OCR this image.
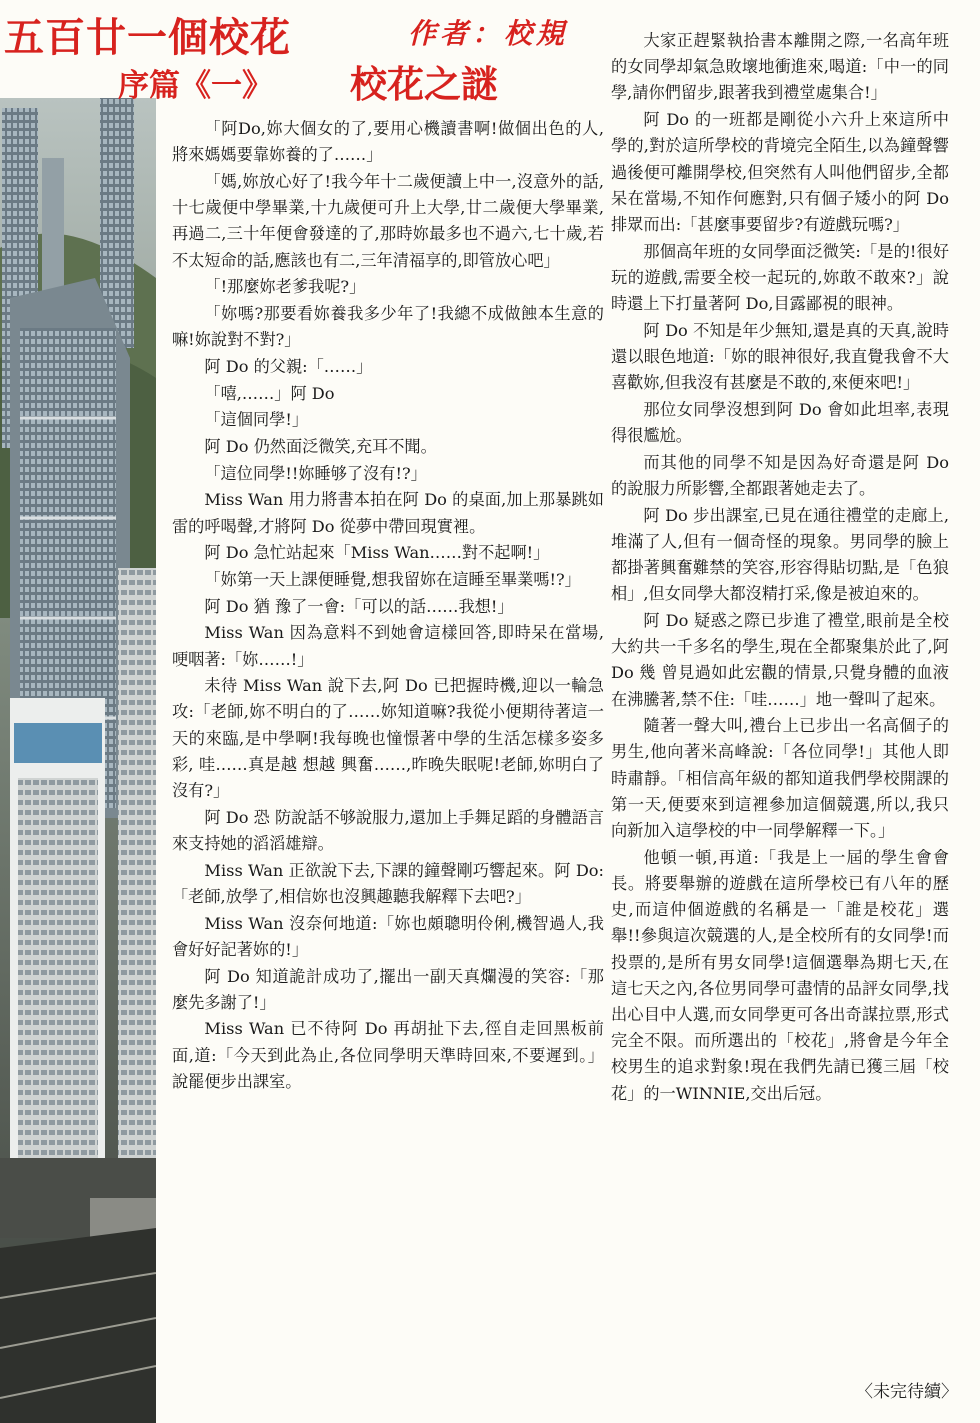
五百廿一個校花	作者：校規
序篇《一》 校花之謎

「阿Do,妳大個女的了,要用心機讀書啊!做個出色的人,將來媽媽要靠妳養的了……」

「媽,妳放心好了!我今年十二歲便讀上中一,沒意外的話,十七歲便中學畢業,十九歲便可升上大學,廿二歲便大學畢業,再過二,三十年便會發達的了,那時妳最多也不過六,七十歲,若不太短命的話,應該也有二,三年清福享的,即管放心吧」

「!那麼妳老爹我呢?」

「妳嗎?那要看妳養我多少年了!我總不成做蝕本生意的嘛!妳說對不對?」

阿 Do 的父親:「……」

「嘻,……」阿 Do

「這個同學!」

阿 Do 仍然面泛微笑,充耳不聞。

「這位同學!!妳睡够了沒有!?」

Miss Wan 用力將書本拍在阿 Do 的桌面,加上那暴跳如雷的呼喝聲,才將阿 Do 從夢中帶回現實裡。

阿 Do 急忙站起來「Miss Wan……對不起啊!」

「妳第一天上課便睡覺,想我留妳在這睡至畢業嗎!?」

阿 Do 猶 豫了一會:「可以的話……我想!」

Miss Wan 因為意料不到她會這樣回答,即時呆在當場,哽咽著:「妳……!」

未待 Miss Wan 說下去,阿 Do 已把握時機,迎以一輪急攻:「老師,妳不明白的了……妳知道嘛?我從小便期待著這一天的來臨,是中學啊!我每晚也憧憬著中學的生活怎樣多姿多彩, 哇……真是越 想越 興奮……,昨晚失眠呢!老師,妳明白了沒有?」

阿 Do 恐 防說話不够說服力,還加上手舞足蹈的身體語言來支持她的滔滔雄辯。

Miss Wan 正欲說下去,下課的鐘聲剛巧響起來。阿 Do:「老師,放學了,相信妳也沒興趣聽我解釋下去吧?」

Miss Wan 沒奈何地道:「妳也頗聰明伶俐,機智過人,我會好好記著妳的!」

阿 Do 知道詭計成功了,擺出一副天真爛漫的笑容:「那麼先多謝了!」

Miss Wan 已不待阿 Do 再胡扯下去,徑自走回黑板前面,道:「今天到此為止,各位同學明天準時回來,不要遲到。」說罷便步出課室。

大家正趕緊執拾書本離開之際,一名高年班的女同學却氣急敗壞地衝進來,喝道:「中一的同學,請你們留步,跟著我到禮堂處集合!」

阿 Do 的一班都是剛從小六升上來這所中學的,對於這所學校的背境完全陌生,以為鐘聲響過後便可離開學校,但突然有人叫他們留步,全都呆在當場,不知作何應對,只有個子矮小的阿 Do 排眾而出:「甚麼事要留步?有遊戲玩嗎?」

那個高年班的女同學面泛微笑:「是的!很好玩的遊戲,需要全校一起玩的,妳敢不敢來?」說時還上下打量著阿 Do,目露鄙視的眼神。

阿 Do 不知是年少無知,還是真的天真,說時還以眼色地道:「妳的眼神很好,我直覺我會不大喜歡妳,但我沒有甚麼是不敢的,來便來吧!」

那位女同學沒想到阿 Do 會如此坦率,表現得很尷尬。

而其他的同學不知是因為好奇還是阿 Do 的說服力所影響,全都跟著她走去了。

阿 Do 步出課室,已見在通往禮堂的走廊上,堆滿了人,但有一個奇怪的現象。男同學的臉上都掛著興奮難禁的笑容,形容得貼切點,是「色狼相」,但女同學大都沒精打采,像是被迫來的。

阿 Do 疑惑之際已步進了禮堂,眼前是全校大約共一千多名的學生,現在全都聚集於此了,阿 Do 幾 曾見過如此宏觀的情景,只覺身體的血液在沸騰著,禁不住:「哇……」地一聲叫了起來。

隨著一聲大叫,禮台上已步出一名高個子的男生,他向著米高峰說:「各位同學!」其他人即時肅靜。「相信高年級的都知道我們學校開課的第一天,便要來到這裡參加這個競選,所以,我只向新加入這學校的中一同學解釋一下。」

他頓一頓,再道:「我是上一屆的學生會會長。將要舉辦的遊戲在這所學校已有八年的歷史,而這仲個遊戲的名稱是一「誰是校花」選舉!!參與這次競選的人,是全校所有的女同學!而投票的,是所有男女同學!這個選舉為期七天,在這七天之內,各位男同學可盡情的品評女同學,找出心目中人選,而女同學更可各出奇謀拉票,形式完全不限。而所選出的「校花」,將會是今年全校男生的追求對象!現在我們先請已獲三屆「校花」的一WINNIE,交出后冠。

〈未完待續〉
